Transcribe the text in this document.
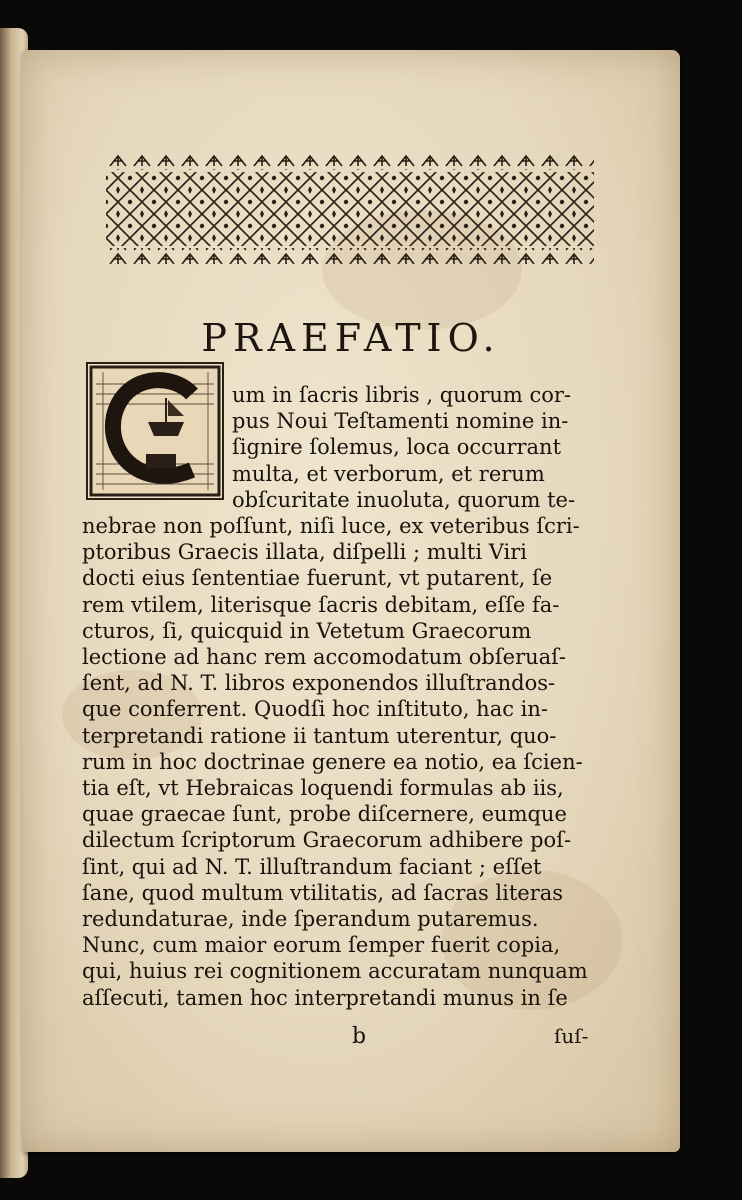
PRAEFATIO.
um in ſacris libris , quorum cor-
pus Noui Teſtamenti nomine in-
ſignire ſolemus, loca occurrant
multa, et verborum, et rerum
obſcuritate inuoluta, quorum te-
nebrae non poſſunt, niſi luce, ex veteribus ſcri-
ptoribus Graecis illata, diſpelli ; multi Viri
docti eius ſententiae fuerunt, vt putarent, ſe
rem vtilem, literisque ſacris debitam, eſſe fa-
cturos, ſi, quicquid in Vetetum Graecorum
lectione ad hanc rem accomodatum obſeruaſ-
ſent, ad N. T. libros exponendos illuſtrandos-
que conferrent. Quodſi hoc inſtituto, hac in-
terpretandi ratione ii tantum uterentur, quo-
rum in hoc doctrinae genere ea notio, ea ſcien-
tia eſt, vt Hebraicas loquendi formulas ab iis,
quae graecae ſunt, probe diſcernere, eumque
dilectum ſcriptorum Graecorum adhibere poſ-
ſint, qui ad N. T. illuſtrandum faciant ; eſſet
ſane, quod multum vtilitatis, ad ſacras literas
redundaturae, inde ſperandum putaremus.
Nunc, cum maior eorum ſemper fuerit copia,
qui, huius rei cognitionem accuratam nunquam
aſſecuti, tamen hoc interpretandi munus in ſe
b	ſuſ-
